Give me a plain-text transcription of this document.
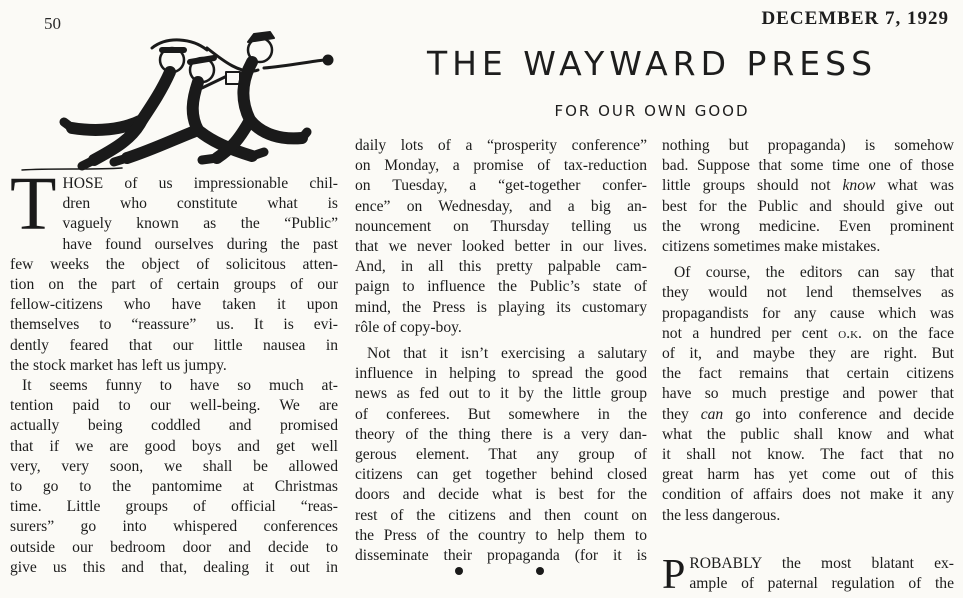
50	DECEMBER 7, 1929
ש
THE WAYWARD PRESS
FOR OUR OWN GOOD
T HOSE of us impressionable chil-
dren who constitute what is
vaguely known as the “Public”
have found ourselves during the past
few weeks the object of solicitous atten-
tion on the part of certain groups of our
fellow-citizens who have taken it upon
themselves to “reassure” us. It is evi-
dently feared that our little nausea in
the stock market has left us jumpy.
It seems funny to have so much at-
tention paid to our well-being. We are
actually being coddled and promised
that if we are good boys and get well
very, very soon, we shall be allowed
to go to the pantomime at Christmas
time. Little groups of official “reas-
surers” go into whispered conferences
outside our bedroom door and decide to
give us this and that, dealing it out in
daily lots of a “prosperity conference”
on Monday, a promise of tax-reduction
on Tuesday, a “get-together confer-
ence” on Wednesday, and a big an-
nouncement on Thursday telling us
that we never looked better in our lives.
And, in all this pretty palpable cam-
paign to influence the Public’s state of
mind, the Press is playing its customary
rôle of copy-boy.
Not that it isn’t exercising a salutary
influence in helping to spread the good
news as fed out to it by the little group
of conferees. But somewhere in the
theory of the thing there is a very dan-
gerous element. That any group of
citizens can get together behind closed
doors and decide what is best for the
rest of the citizens and then count on
the Press of the country to help them to
disseminate their propaganda (for it is
nothing but propaganda) is somehow
bad. Suppose that some time one of those
little groups should not know what was
best for the Public and should give out
the wrong medicine. Even prominent
citizens sometimes make mistakes.
Of course, the editors can say that
they would not lend themselves as
propagandists for any cause which was
not a hundred per cent o.k. on the face
of it, and maybe they are right. But
the fact remains that certain citizens
have so much prestige and power that
they can go into conference and decide
what the public shall know and what
it shall not know. The fact that no
great harm has yet come out of this
condition of affairs does not make it any
the less dangerous.
P ROBABLY the most blatant ex-
ample of paternal regulation of the
